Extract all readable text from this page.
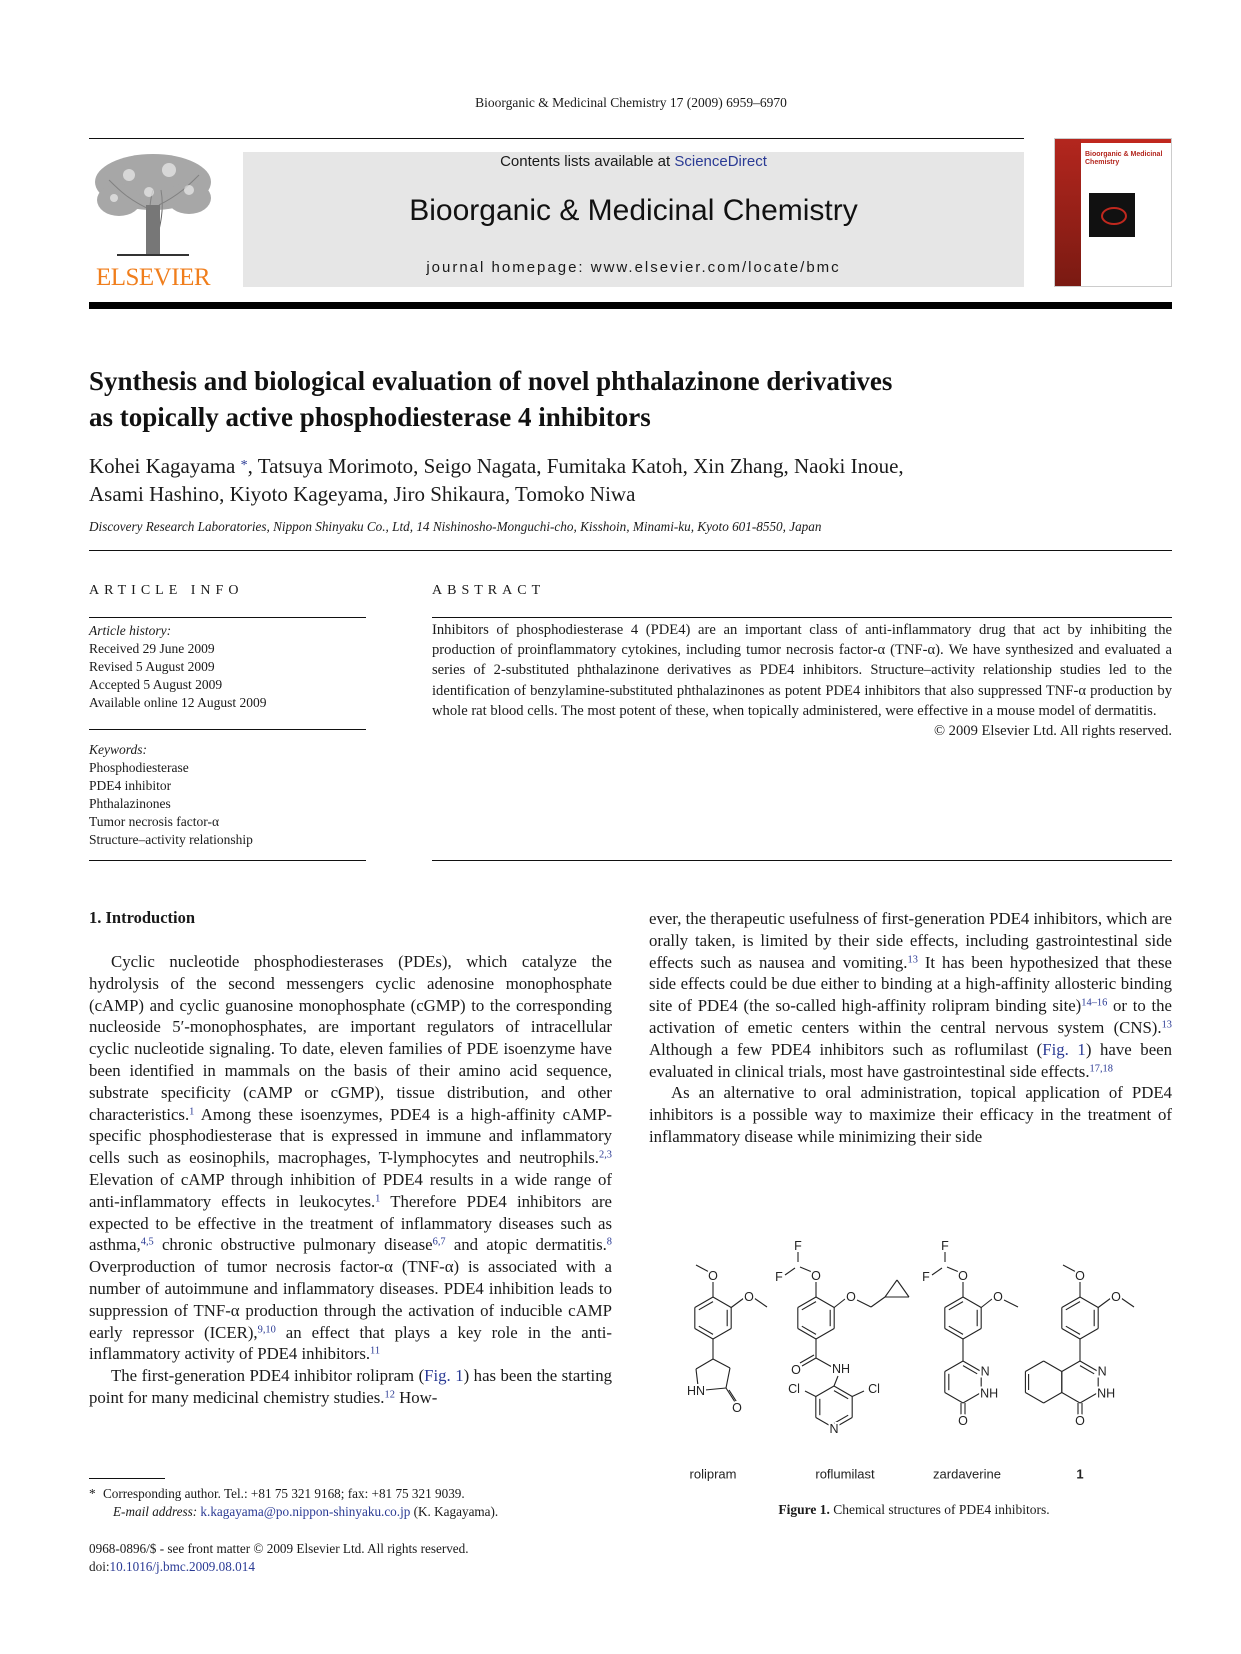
Bioorganic & Medicinal Chemistry 17 (2009) 6959–6970
ELSEVIER
Contents lists available at ScienceDirect
Bioorganic & Medicinal Chemistry
journal homepage: www.elsevier.com/locate/bmc
Bioorganic & Medicinal Chemistry
Synthesis and biological evaluation of novel phthalazinone derivatives
as topically active phosphodiesterase 4 inhibitors
Kohei Kagayama *, Tatsuya Morimoto, Seigo Nagata, Fumitaka Katoh, Xin Zhang, Naoki Inoue,
Asami Hashino, Kiyoto Kageyama, Jiro Shikaura, Tomoko Niwa
Discovery Research Laboratories, Nippon Shinyaku Co., Ltd, 14 Nishinosho-Monguchi-cho, Kisshoin, Minami-ku, Kyoto 601-8550, Japan
ARTICLE INFO	ABSTRACT
Article history:
Received 29 June 2009
Revised 5 August 2009
Accepted 5 August 2009
Available online 12 August 2009
Keywords:
Phosphodiesterase
PDE4 inhibitor
Phthalazinones
Tumor necrosis factor-α
Structure–activity relationship
Inhibitors of phosphodiesterase 4 (PDE4) are an important class of anti-inflammatory drug that act by inhibiting the production of proinflammatory cytokines, including tumor necrosis factor-α (TNF-α). We have synthesized and evaluated a series of 2-substituted phthalazinone derivatives as PDE4 inhibitors. Structure–activity relationship studies led to the identification of benzylamine-substituted phthalazinones as potent PDE4 inhibitors that also suppressed TNF-α production by whole rat blood cells. The most potent of these, when topically administered, were effective in a mouse model of dermatitis.
© 2009 Elsevier Ltd. All rights reserved.
1. Introduction

Cyclic nucleotide phosphodiesterases (PDEs), which catalyze the hydrolysis of the second messengers cyclic adenosine monophosphate (cAMP) and cyclic guanosine monophosphate (cGMP) to the corresponding nucleoside 5′-monophosphates, are important regulators of intracellular cyclic nucleotide signaling. To date, eleven families of PDE isoenzyme have been identified in mammals on the basis of their amino acid sequence, substrate specificity (cAMP or cGMP), tissue distribution, and other characteristics.$^1$ Among these isoenzymes, PDE4 is a high-affinity cAMP-specific phosphodiesterase that is expressed in immune and inflammatory cells such as eosinophils, macrophages, T-lymphocytes and neutrophils.$^{2,3}$ Elevation of cAMP through inhibition of PDE4 results in a wide range of anti-inflammatory effects in leukocytes.$^1$ Therefore PDE4 inhibitors are expected to be effective in the treatment of inflammatory diseases such as asthma,$^{4,5}$ chronic obstructive pulmonary disease$^{6,7}$ and atopic dermatitis.$^8$ Overproduction of tumor necrosis factor-α (TNF-α) is associated with a number of autoimmune and inflammatory diseases. PDE4 inhibition leads to suppression of TNF-α production through the activation of inducible cAMP early repressor (ICER),$^{9,10}$ an effect that plays a key role in the anti-inflammatory activity of PDE4 inhibitors.$^{11}$

The first-generation PDE4 inhibitor rolipram (Fig. 1) has been the starting point for many medicinal chemistry studies.$^{12}$ How-

ever, the therapeutic usefulness of first-generation PDE4 inhibitors, which are orally taken, is limited by their side effects, including gastrointestinal side effects such as nausea and vomiting.$^{13}$ It has been hypothesized that these side effects could be due either to binding at a high-affinity allosteric binding site of PDE4 (the so-called high-affinity rolipram binding site)$^{14-16}$ or to the activation of emetic centers within the central nervous system (CNS).$^{13}$ Although a few PDE4 inhibitors such as roflumilast (Fig. 1) have been evaluated in clinical trials, most have gastrointestinal side effects.$^{17,18}$

As an alternative to oral administration, topical application of PDE4 inhibitors is a possible way to maximize their efficacy in the treatment of inflammatory disease while minimizing their side

O
O
HN
O
rolipram
F
F O
O
O NH
Cl	Cl
N
roflumilast
F
F O
O
N
NH
O
zardaverine
O
O
N
NH
O
1
Figure 1. Chemical structures of PDE4 inhibitors.
* Corresponding author. Tel.: +81 75 321 9168; fax: +81 75 321 9039.
E-mail address: k.kagayama@po.nippon-shinyaku.co.jp (K. Kagayama).
0968-0896/$ - see front matter © 2009 Elsevier Ltd. All rights reserved.
doi:10.1016/j.bmc.2009.08.014
